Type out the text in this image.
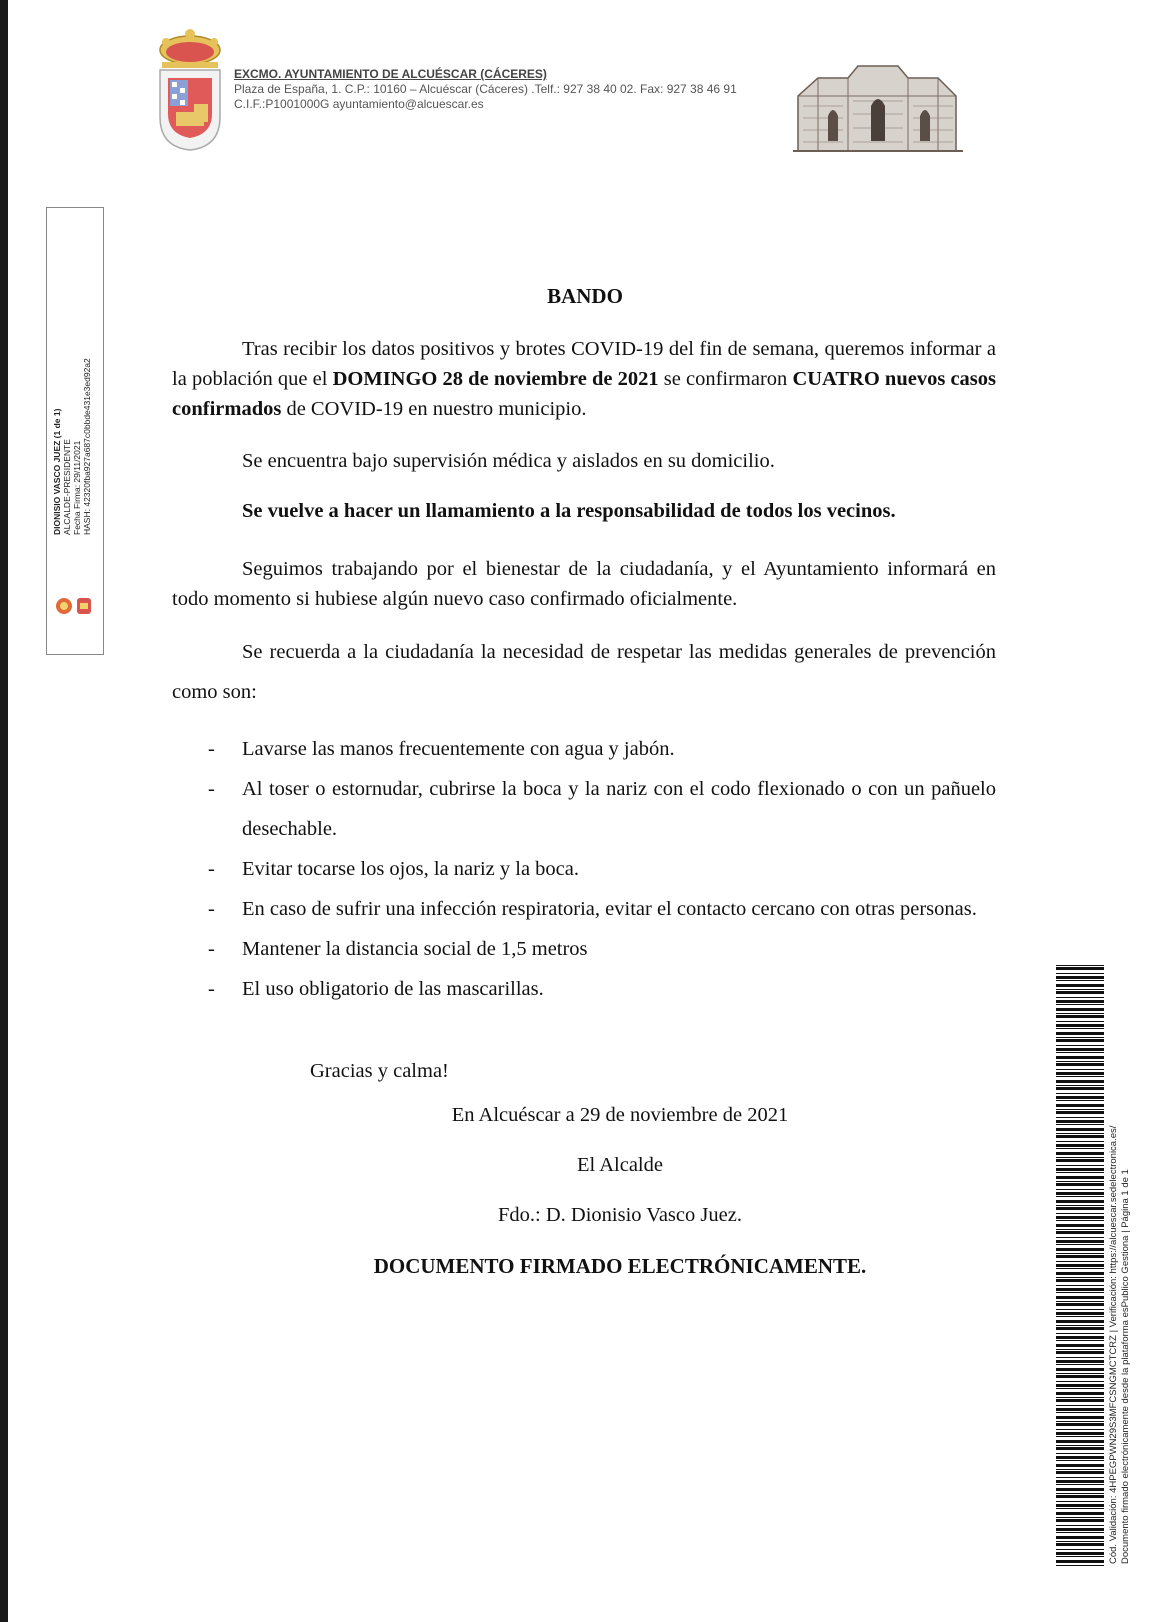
EXCMO. AYUNTAMIENTO DE ALCUÉSCAR (CÁCERES)
Plaza de España, 1. C.P.: 10160 – Alcuéscar (Cáceres) .Telf.: 927 38 40 02. Fax: 927 38 46 91
C.I.F.:P1001000G ayuntamiento@alcuescar.es
DIONISIO VASCO JUEZ (1 de 1) ALCALDE-PRESIDENTE Fecha Firma: 29/11/2021 HASH: 42320fba927a687c0bbde431e3ed92a2
BANDO
Tras recibir los datos positivos y brotes COVID-19 del fin de semana, queremos informar a la población que el DOMINGO 28 de noviembre de 2021 se confirmaron CUATRO nuevos casos confirmados de COVID-19 en nuestro municipio.
Se encuentra bajo supervisión médica y aislados en su domicilio.
Se vuelve a hacer un llamamiento a la responsabilidad de todos los vecinos.
Seguimos trabajando por el bienestar de la ciudadanía, y el Ayuntamiento informará en todo momento si hubiese algún nuevo caso confirmado oficialmente.
Se recuerda a la ciudadanía la necesidad de respetar las medidas generales de prevención como son:
- Lavarse las manos frecuentemente con agua y jabón.
- Al toser o estornudar, cubrirse la boca y la nariz con el codo flexionado o con un pañuelo desechable.
- Evitar tocarse los ojos, la nariz y la boca.
- En caso de sufrir una infección respiratoria, evitar el contacto cercano con otras personas.
- Mantener la distancia social de 1,5 metros
- El uso obligatorio de las mascarillas.
Gracias y calma!
En Alcuéscar a 29 de noviembre de 2021
El Alcalde
Fdo.: D. Dionisio Vasco Juez.
DOCUMENTO FIRMADO ELECTRÓNICAMENTE.	Cód. Validación: 4HPEGPWN29S3MFCSNGMCTCRZ | Verificación: https://alcuescar.sedelectronica.es/ Documento firmado electrónicamente desde la plataforma esPublico Gestiona | Página 1 de 1
